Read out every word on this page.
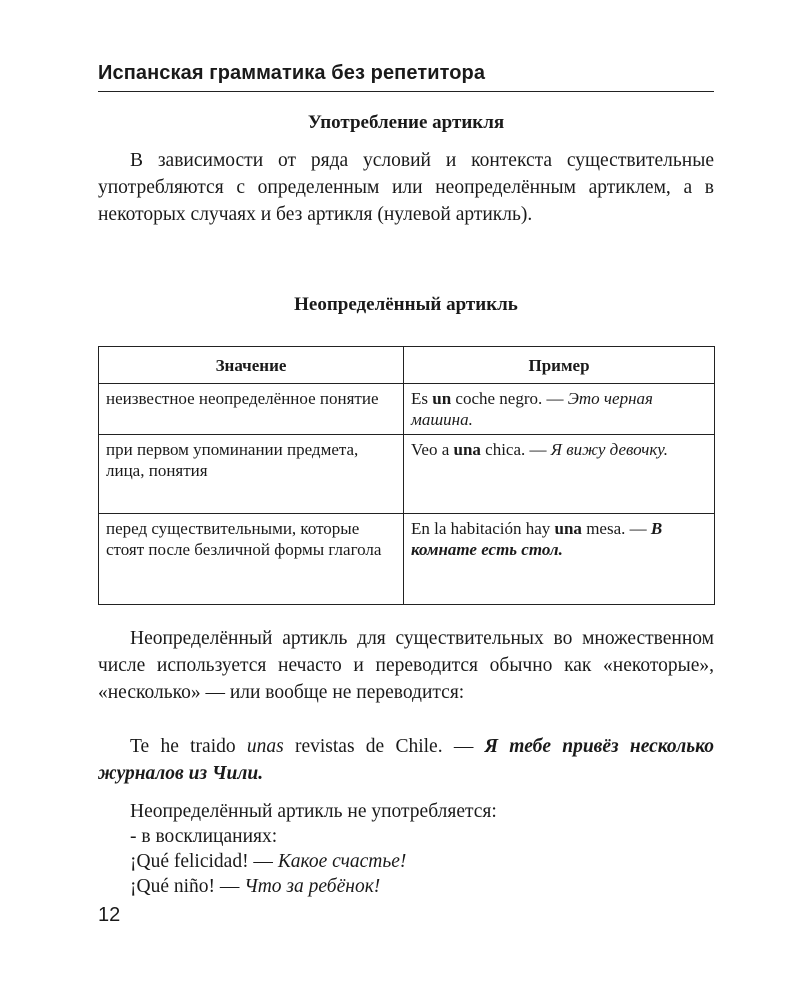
Испанская грамматика без репетитора
Употребление артикля

В зависимости от ряда условий и контекста существительные употребляются с определенным или неопределённым артиклем, а в некоторых случаях и без артикля (нулевой артикль).

Неопределённый артикль
Значение	Пример
неизвестное неопределённое понятие	Es un coche negro. — Это черная машина.
при первом упоминании предмета, лица, понятия	Veo a una chica. — Я вижу девочку.
перед существительными, которые стоят после безличной формы глагола	En la habitación hay una mesa. — В комнате есть стол.

Неопределённый артикль для существительных во множественном числе используется нечасто и переводится обычно как «некоторые», «несколько» — или вообще не переводится:

Te he traido unas revistas de Chile. — Я тебе привёз несколько журналов из Чили.

Неопределённый артикль не употребляется:
- в восклицаниях:
¡Qué felicidad! — Какое счастье!
¡Qué niño! — Что за ребёнок!
12
